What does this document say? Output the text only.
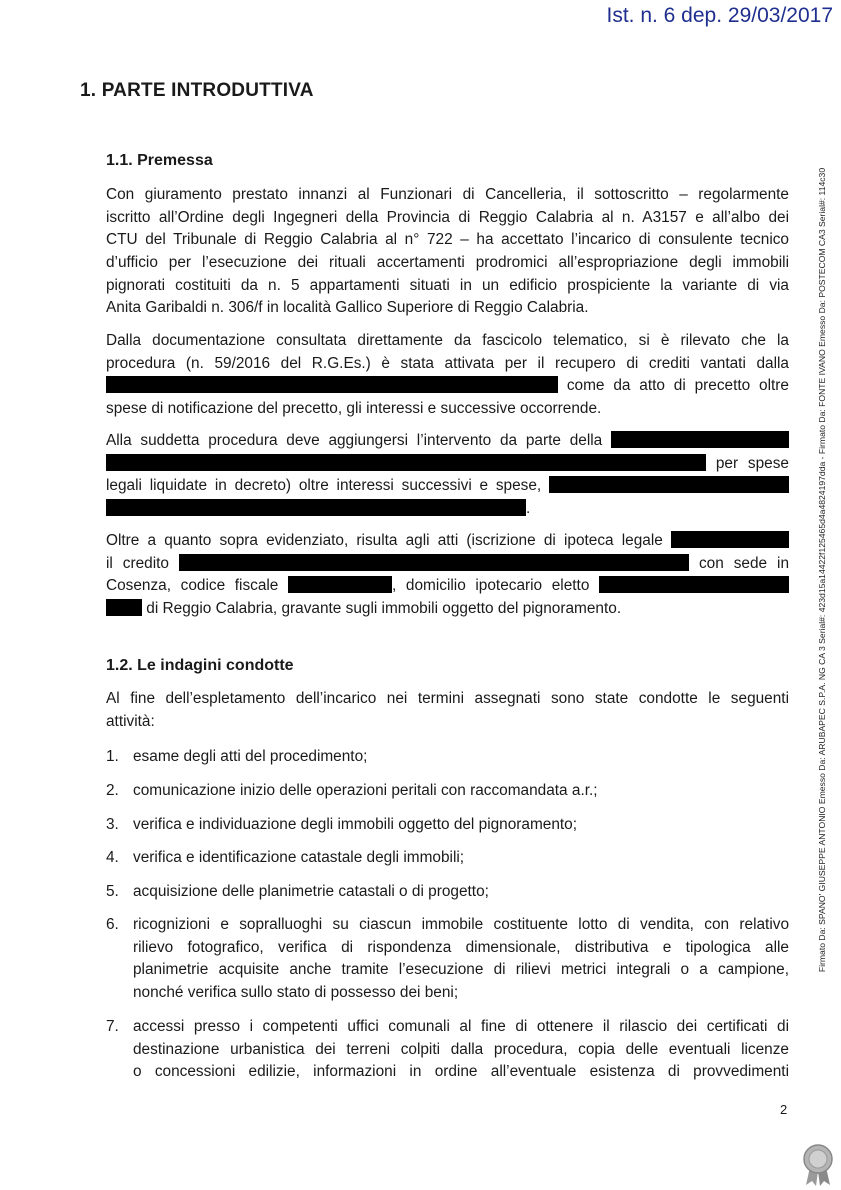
Ist. n. 6 dep. 29/03/2017
Firmato Da: SPANO' GIUSEPPE ANTONIO Emesso Da: ARUBAPEC S.P.A. NG CA 3 Serial#: 423d15a14422f125465d4a4824197dda - Firmato Da: FONTE IVANO Emesso Da: POSTECOM CA3 Serial#: 114c30
1. PARTE INTRODUTTIVA
1.1. Premessa
Con giuramento prestato innanzi al Funzionari di Cancelleria, il sottoscritto – regolarmente
iscritto all’Ordine degli Ingegneri della Provincia di Reggio Calabria al n. A3157 e all’albo dei
CTU del Tribunale di Reggio Calabria al n° 722 – ha accettato l’incarico di consulente tecnico
d’ufficio per l’esecuzione dei rituali accertamenti prodromici all’espropriazione degli immobili
pignorati costituiti da n. 5 appartamenti situati in un edificio prospiciente la variante di via
Anita Garibaldi n. 306/f in località Gallico Superiore di Reggio Calabria.
Dalla documentazione consultata direttamente da fascicolo telematico, si è rilevato che la
procedura (n. 59/2016 del R.G.Es.) è stata attivata per il recupero di crediti vantati dalla
come da atto di precetto oltre
spese di notificazione del precetto, gli interessi e successive occorrende.
Alla suddetta procedura deve aggiungersi l’intervento da parte della
per spese
legali liquidate in decreto) oltre interessi successivi e spese,
.
Oltre a quanto sopra evidenziato, risulta agli atti (iscrizione di ipoteca legale
il credito	con sede in
Cosenza, codice fiscale	, domicilio ipotecario eletto
di Reggio Calabria, gravante sugli immobili oggetto del pignoramento.
1.2. Le indagini condotte
Al fine dell’espletamento dell’incarico nei termini assegnati sono state condotte le seguenti
attività:
1. esame degli atti del procedimento;
2. comunicazione inizio delle operazioni peritali con raccomandata a.r.;
3. verifica e individuazione degli immobili oggetto del pignoramento;
4. verifica e identificazione catastale degli immobili;
5. acquisizione delle planimetrie catastali o di progetto;
6. ricognizioni e sopralluoghi su ciascun immobile costituente lotto di vendita, con relativo
rilievo fotografico, verifica di rispondenza dimensionale, distributiva e tipologica alle
planimetrie acquisite anche tramite l’esecuzione di rilievi metrici integrali o a campione,
nonché verifica sullo stato di possesso dei beni;
7. accessi presso i competenti uffici comunali al fine di ottenere il rilascio dei certificati di
destinazione urbanistica dei terreni colpiti dalla procedura, copia delle eventuali licenze
o concessioni edilizie, informazioni in ordine all’eventuale esistenza di provvedimenti
2
